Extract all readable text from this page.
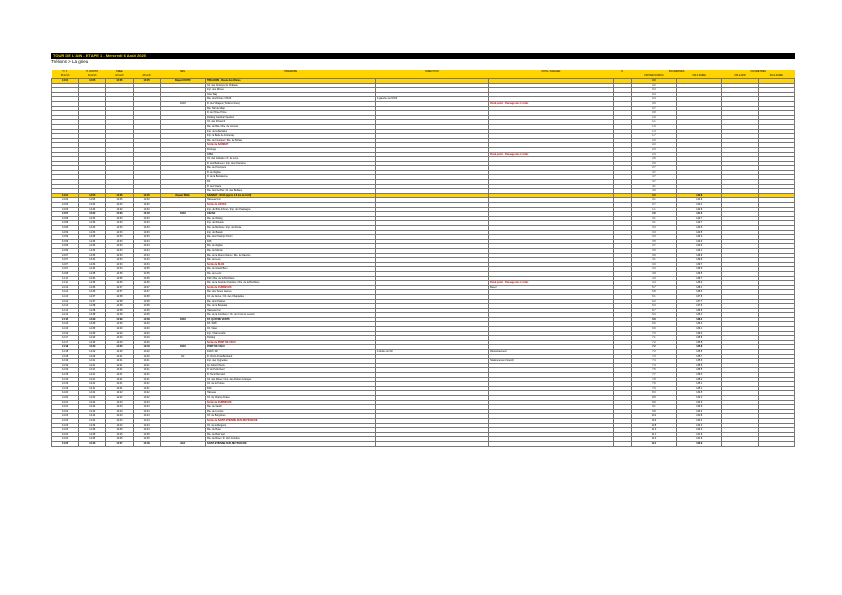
TOUR DE L'AIN - ETAPE 1 - Mercredi 6 Août 2025
Trélions > La grieu
H. T.	H. RAVITO	FREE		SEN.	ITINÉRAIRE	DIRECTION	NOTE / DANGER	S.	KILOMETRES		KILOMETRES	
60 km/h	40 km/h	42 km/h	44 km/h						KM PARCOURUS	KM A FAIRE	KM à ADD	KM à FAIRE
14:01	14:05	14:05	14:05	Départ FICTIF	TRÉLIONS - Route des Dîmes				0.0			
					Ch. des Champs du Château				0.2			
					Imp. des Dîmes				0.3			
					Give Way				0.4			
					Rte. des Dîmes / D103	A gauche sur D103			0.4			
				D103	R. des Villages (Trélions Sous)		Rond-point - Passage des 2 côtés		0.9			
					Rte. Tall de Mapi				0.7			
					R. de l'Orée Prime				0.8			
					Parking Cardinal Vaudour				1.0			
					Ch. des Pévanch				1.1			
					Rte. de Bas / Rte. de Limerez				1.3			
					Imp. de la Berraine				1.4			
					Imp. la Belle de Fontenay				1.7			
					Rte. de Frusquet / Rte. de Bohan				2.0			
					Sortie de SAINDAT				2.2			
					Pérouge				2.3			
					D3BA		Rond-point - Passage des 2 côtés		2.4			
					Ch. des Calvaire / R. de Lévo				2.5			
					R. des Bellevue / Imp. des Chanoine				2.6			
					Rte. de Pommiers				2.7			
					R. de l'Eglise				3.7			
					R. de la Bécalienne				3.7			
					D3				3.7			
					R. des Volets				4.1			
					Rte. des Gerffes / R. des Bohans				4.3			
14:01	14:05	14:05	14:05	Départ RÉEL	SAINDAT - D103 (après 4.8 km de fictif)				0.0	143.8		
14:02	14:05	14:05	14:30		Hameau Fon				0.1	143.8		
14:03	14:32	14:33	14:32		Sortie de LIEVEA				0.7	143.4		
14:03	14:32	14:32	14:32		Imp. du Bois d'Arret / Imp. de Chassagne				1.1	142.5		
14:07	14:32	14:33	14:33	D103	CÉZAN				2.8	141.0		
14:08	14:32	14:33	14:33		Rte. de l'Etang				3.1	140.7		
14:08	14:33	14:33	14:33		Imp. de Ravoire				3.1	140.7		
14:09	14:33	14:33	14:33		Rte. de Bertisse / Imp. de Rivoie				3.3	140.6		
14:09	14:33	14:33	14:33		Imp. du Bassin				3.3	140.5		
14:09	14:33	14:33	14:33		Rte. des Champs Torvin				3.3	140.3		
14:09	14:33	14:33	14:34		D15				3.5	140.3		
14:09	14:33	14:33	14:34		Rte. de l'Eglise				3.7	140.3		
14:09	14:33	14:33	14:34		Rte. du Monde				3.9	140.1		
14:07	14:33	14:34	14:34		Rte. de la Douce Dame / Rte. de Ravoire				3.9	139.9		
14:07	14:34	14:34	14:34		Rte. de Luvé				3.1	139.9		
14:07	14:34	14:34	14:34		Sortie de BLO2				3.3	139.7		
14:07	14:34	14:34	14:35		Rte. du Grand Bien				3.4	139.6		
14:08	14:35	14:35	14:35		Rte. de Leurs				3.8	139.5		
14:11	14:34	14:36	14:36		D10 / Rte. de la Bombière				4.3	139.7		
14:11	14:36	14:36	14:36		Rte. de la Grande Charrière / Rte. de la Bombière		Rond-point - Passage des 2 côtés		4.4	139.4		
14:12	14:36	14:37	14:37		Sortie de CUBREVOS		Boeuf		5.7	138.1		
14:12	14:36	14:37	14:37		Rte. des Terres Jaunes				5.8	138.0		
14:13	14:37	14:38	14:38		Ch. de Gréve / Ch. des Chappelles				6.1	137.8		
14:13	14:37	14:38	14:38		Rte. des Chaines				6.2	137.7		
14:13	14:38	14:38	14:38		Rte. de la Bossade				6.3	137.6		
14:14	14:38	14:38	14:39		Hameau Fon				6.7	136.9		
14:14	14:38	14:39	14:39		Rte. de la Jonchère / Ch. de Croix de Lesson				6.4	136.4		
14:15	14:39	14:39	14:39	D103	ST. QUATRE VENTS				6.8	136.4		
14:16	14:39	14:39	14:40		D3 / D38				6.9	136.2		
14:16	14:39	14:40	14:40		Ch. Viaux				6.9	136.1		
14:16	14:39	14:40	14:40		Imp. Charneuville				7.0	136.0		
14:17	14:40	14:40	14:40		Parking				7.1	135.8		
14:17	14:40	14:40	14:40		Sortie de PONT DE VAUX				7.2	135.8		
14:18	14:40	14:40	14:40	D103	PONT DE VAUX				7.2	135.8		
14:18	14:40	14:40	14:40		D103 / D2	A droite sur D2	Rétrécissement		7.2	135.6		
14:18	14:40	14:41	14:40	D2	R. Victor Arnal-Bertrand				7.3	135.7		
14:19	14:41	14:41	14:41		Imp. des Cygnettes		Stationnement Interdit		7.4	135.6		
14:19	14:41	14:41	14:41		Av. Aubert Pierre				7.4	135.6		
14:19	14:41	14:41	14:41		R. du Puits Neuf				7.5	135.5		
14:19	14:41	14:41	14:41		R. Henri Bernard				7.7	135.3		
14:19	14:41	14:41	14:41		Ch. des Mines / Imp. des Petites Granges				7.8	135.2		
14:19	14:41	14:41	14:41		Ch. de la Tuiture				7.9	135.1		
14:19	14:41	14:41	14:41		D10				7.9	135.1		
14:20	14:42	14:42	14:42		Hameau				8.3	134.5		
14:20	14:42	14:42	14:42		Ch. du Champ Fraisé				8.8	134.2		
14:21	14:42	14:43	14:43		Sortie de CUBREVOS				8.9	134.0		
14:21	14:43	14:43	14:43		Rte. de Vauch				9.1	133.9		
14:22	14:43	14:43	14:43		Rte. de Lumpré				9.8	133.2		
14:23	14:44	14:44	14:44		Ch. de Borgnines				10.1	132.8		
14:23	14:44	14:44	14:44		Sortie de SAINT ÉTIENNE-SUR-REYSSOUZE				10.4	132.4		
14:23	14:44	14:44	14:44		Ch. de la Bergerie				10.5	132.3		
14:23	14:45	14:45	14:44		Rte. de Bose				11.0	132.0		
14:24	14:45	14:45	14:45		Rte. de Bois Vert				11.1	131.9		
14:24	14:45	14:45	14:45		Rte. de Bose / R. Vert Combes				11.3	131.8		
14:25	14:46	14:47	14:48	D2A	SAINT-ÉTIENNE-SUR-REYSSOUZE				12.1	130.9		
